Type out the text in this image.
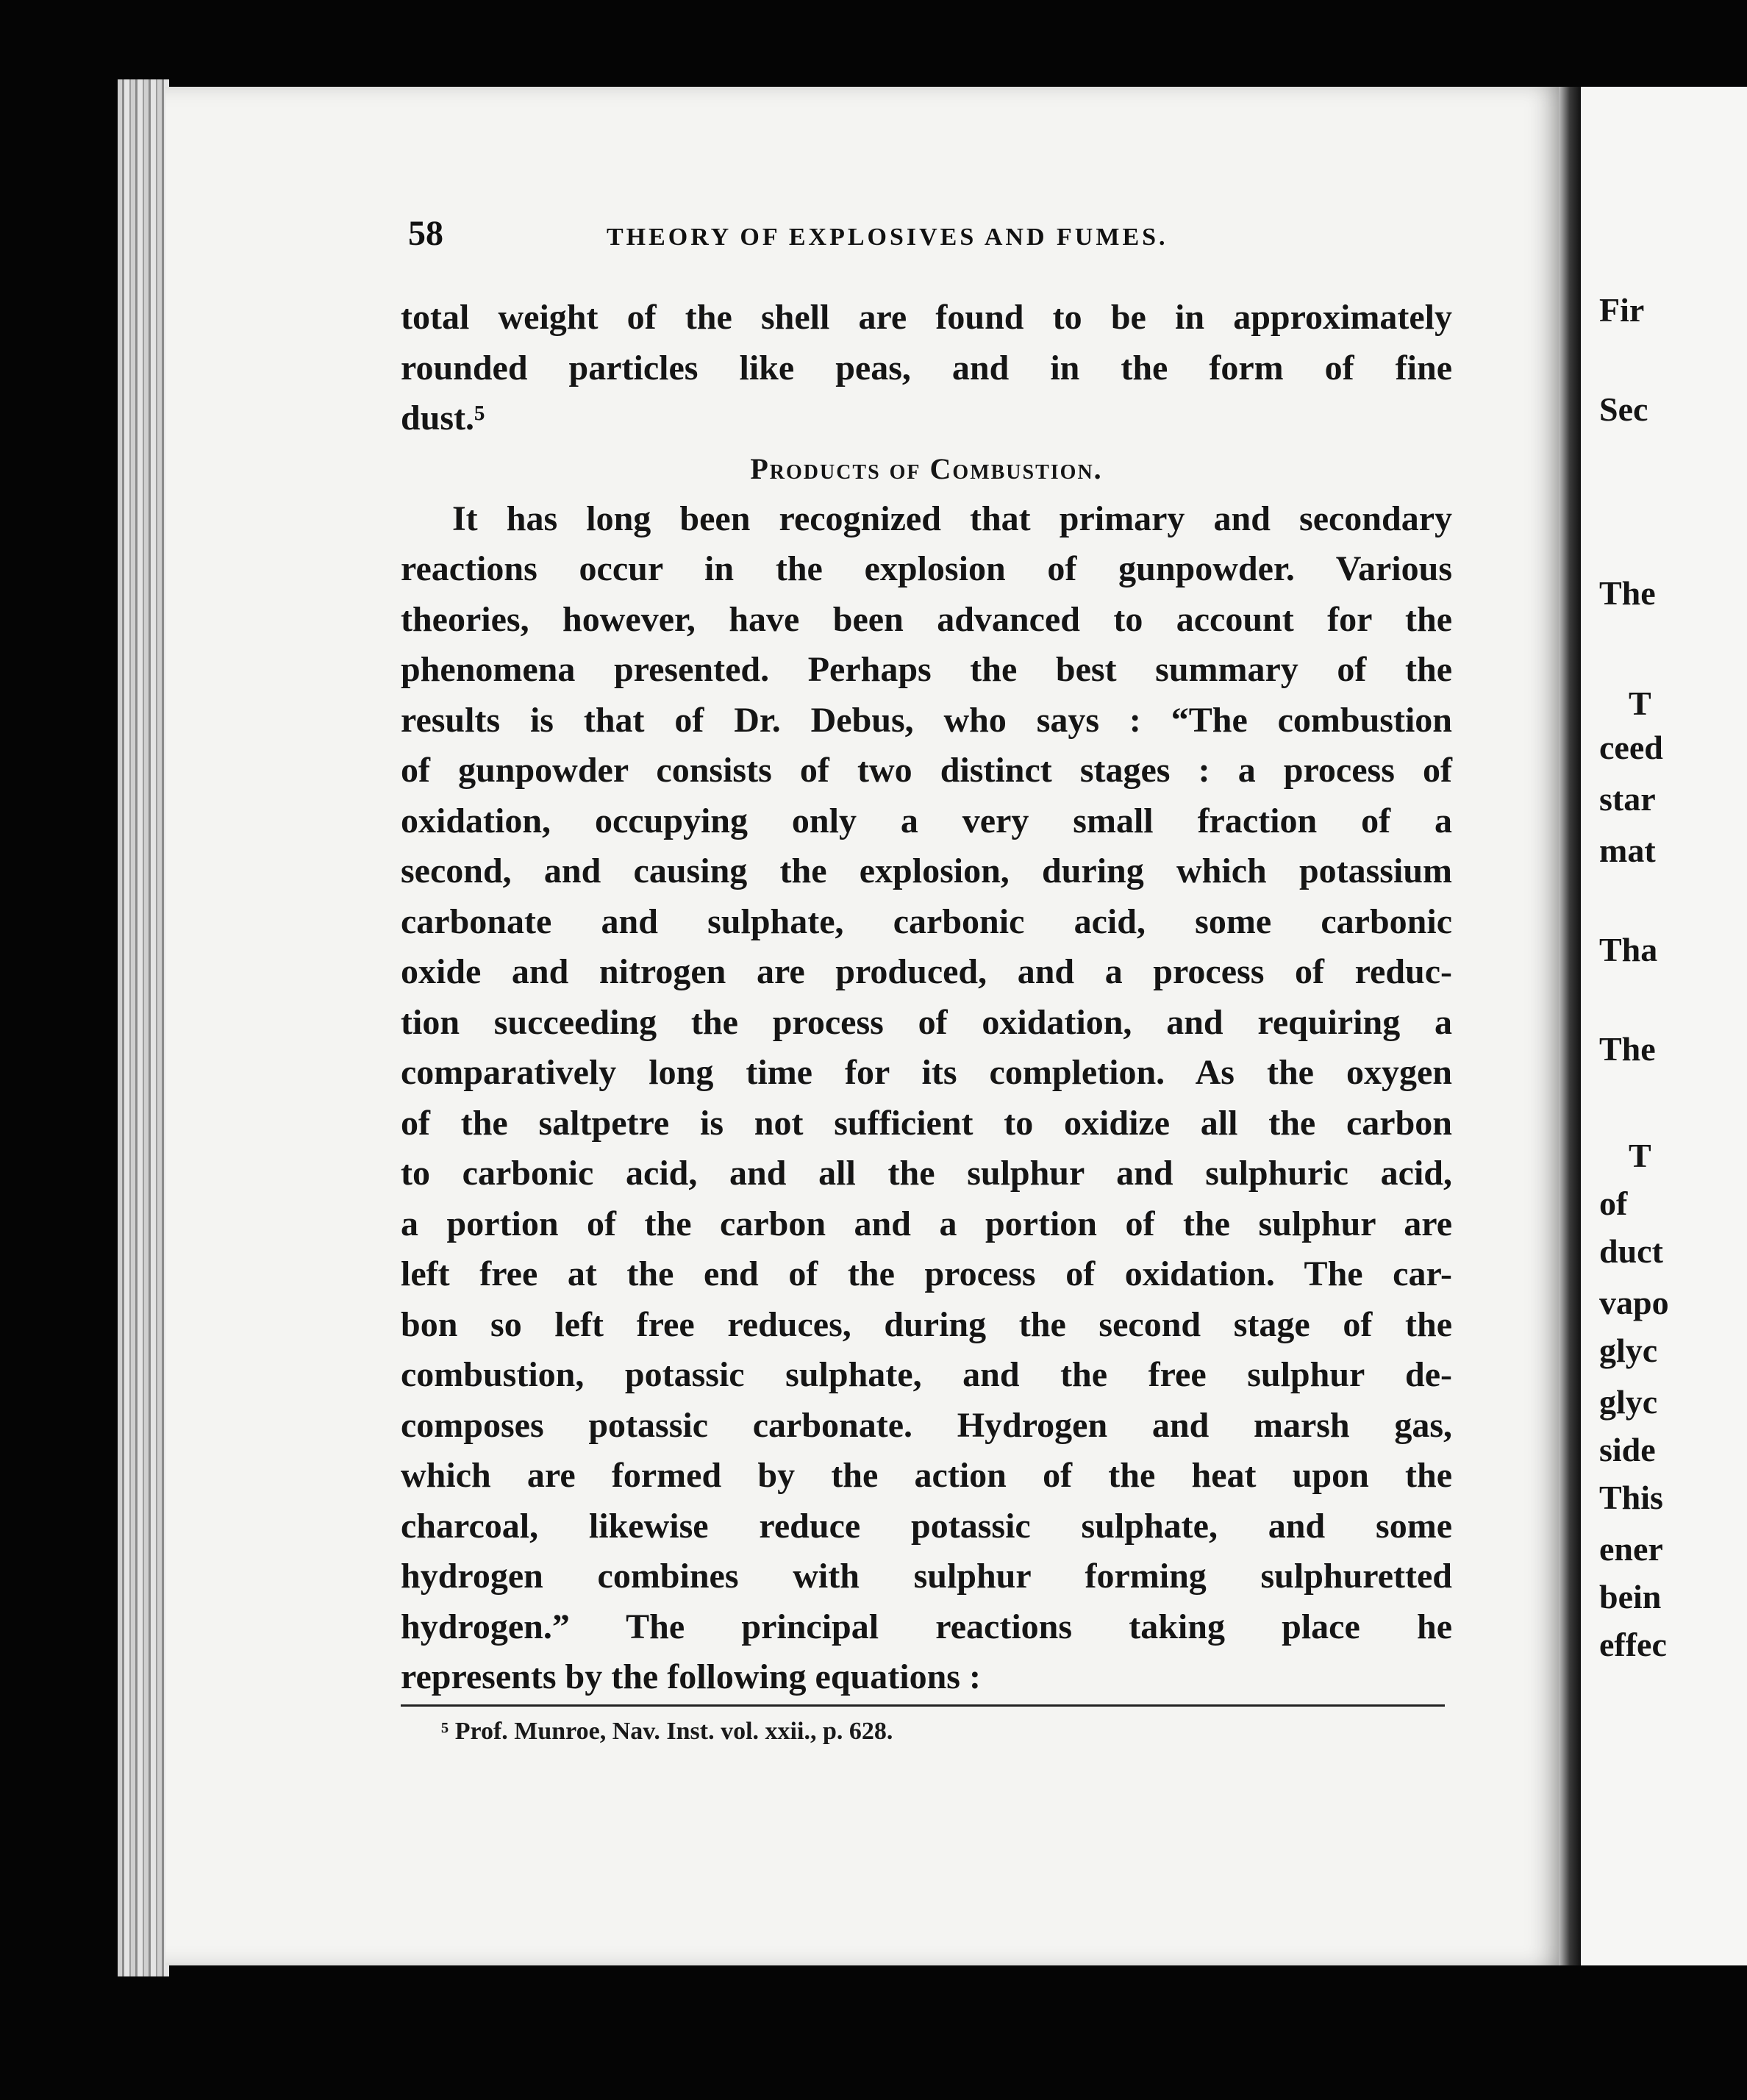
Fir
Sec
The
T
ceed
star
mat
Tha
The
T
of
duct
vapo
glyc
glyc
side
This
ener
bein
effec
58	THEORY OF EXPLOSIVES AND FUMES.
total weight of the shell are found to be in approximately
rounded particles like peas, and in the form of fine
dust.⁵
Products of Combustion.
It has long been recognized that primary and secondary
reactions occur in the explosion of gunpowder. Various
theories, however, have been advanced to account for the
phenomena presented. Perhaps the best summary of the
results is that of Dr. Debus, who says : “The combustion
of gunpowder consists of two distinct stages : a process of
oxidation, occupying only a very small fraction of a
second, and causing the explosion, during which potassium
carbonate and sulphate, carbonic acid, some carbonic
oxide and nitrogen are produced, and a process of reduc-
tion succeeding the process of oxidation, and requiring a
comparatively long time for its completion. As the oxygen
of the saltpetre is not sufficient to oxidize all the carbon
to carbonic acid, and all the sulphur and sulphuric acid,
a portion of the carbon and a portion of the sulphur are
left free at the end of the process of oxidation. The car-
bon so left free reduces, during the second stage of the
combustion, potassic sulphate, and the free sulphur de-
composes potassic carbonate. Hydrogen and marsh gas,
which are formed by the action of the heat upon the
charcoal, likewise reduce potassic sulphate, and some
hydrogen combines with sulphur forming sulphuretted
hydrogen.” The principal reactions taking place he
represents by the following equations :
⁵ Prof. Munroe, Nav. Inst. vol. xxii., p. 628.
